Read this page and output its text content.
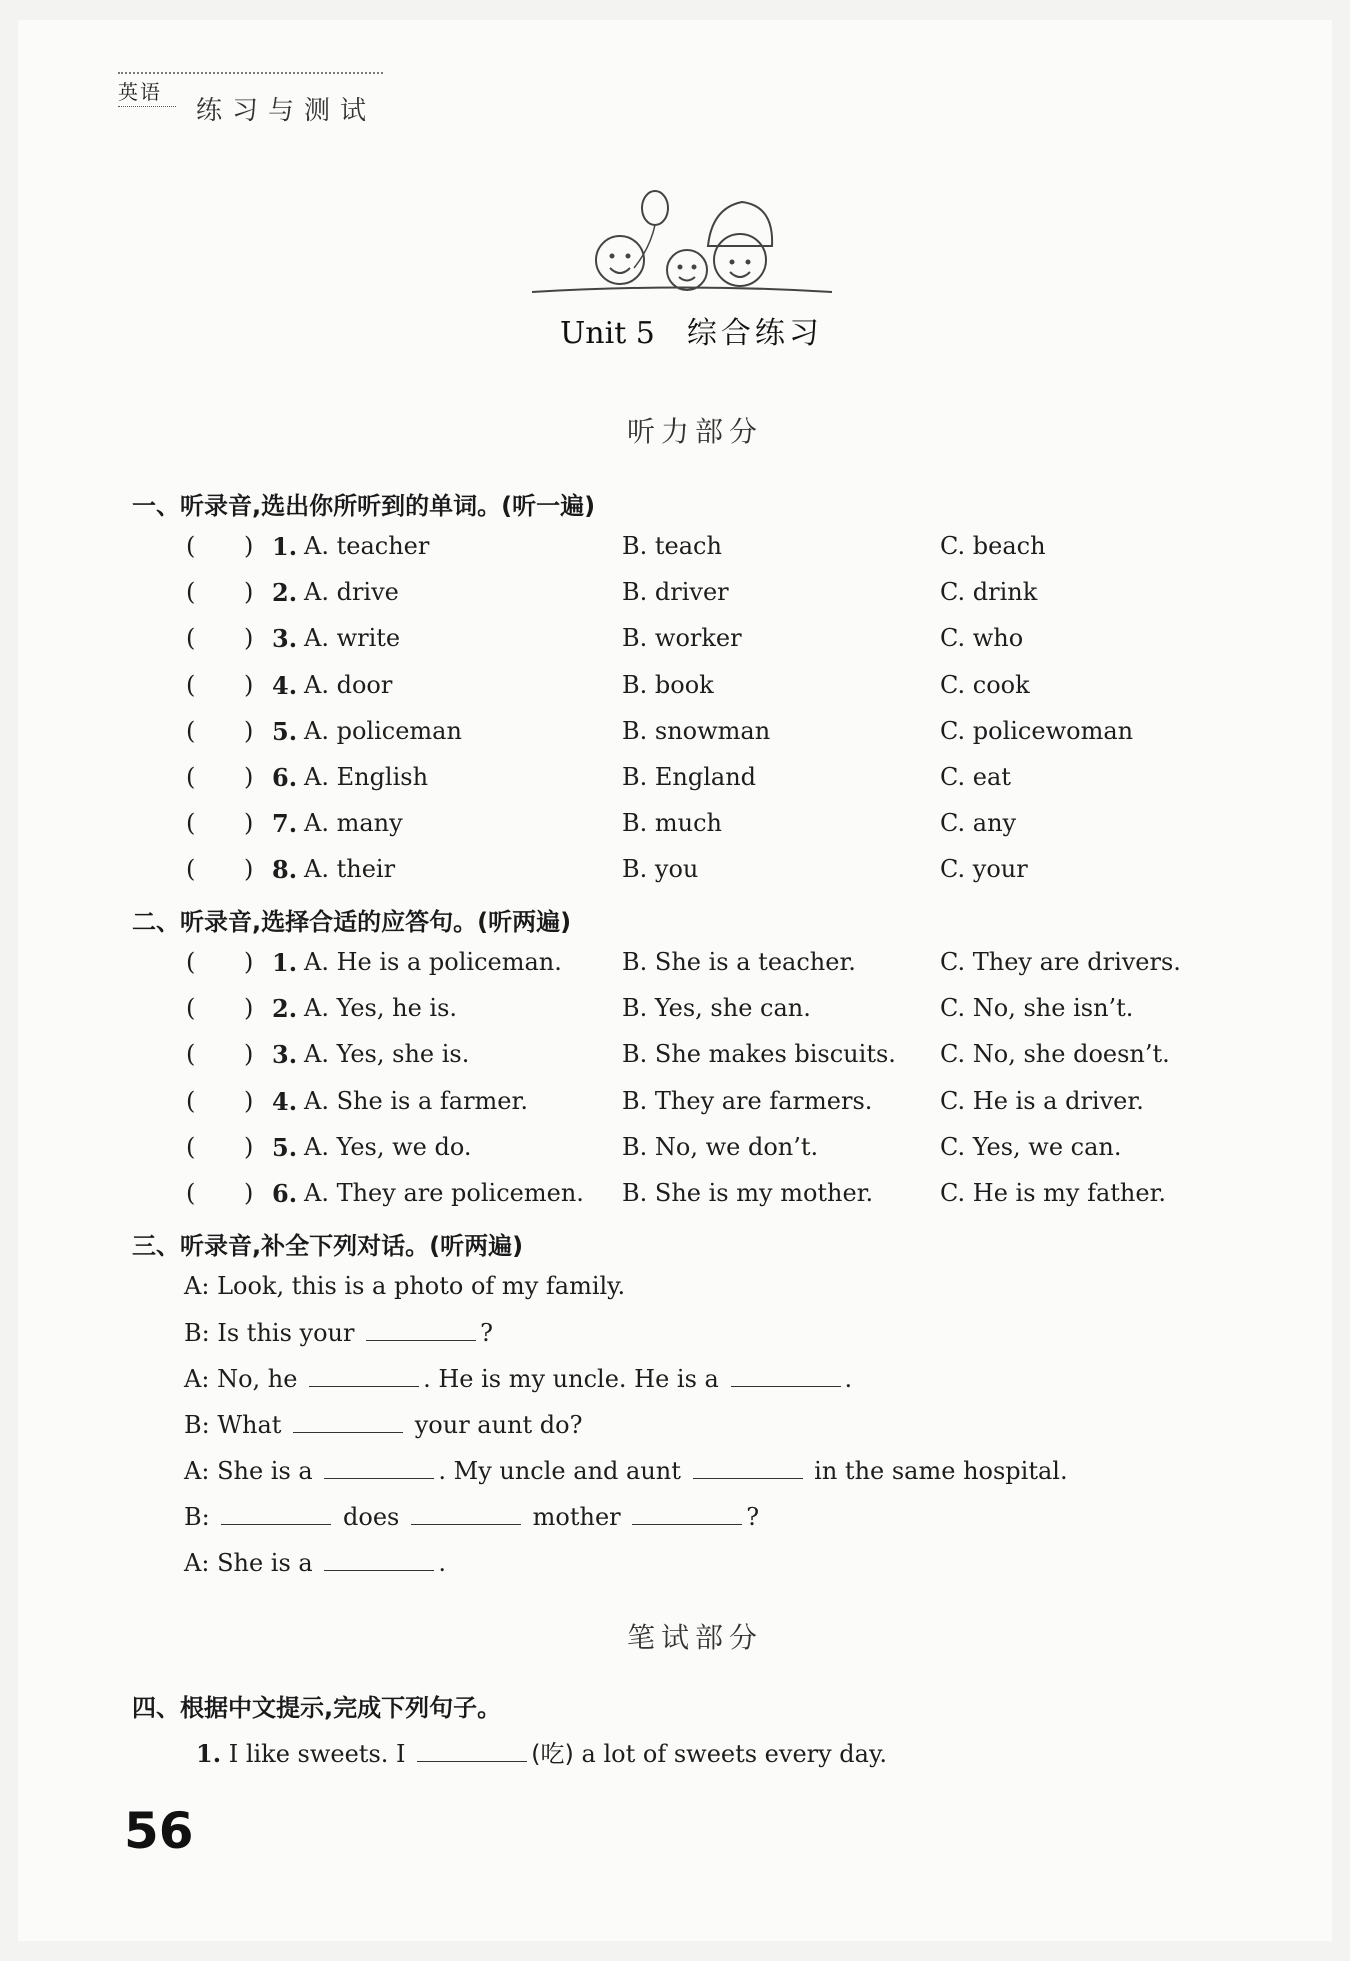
英语
练习与测试
Unit 5 综合练习
听力部分
一、听录音,选出你所听到的单词。(听一遍)
( ) 1. A. teacher	B. teach	C. beach
( ) 2. A. drive	B. driver	C. drink
( ) 3. A. write	B. worker	C. who
( ) 4. A. door	B. book	C. cook
( ) 5. A. policeman	B. snowman	C. policewoman
( ) 6. A. English	B. England	C. eat
( ) 7. A. many	B. much	C. any
( ) 8. A. their	B. you	C. your
二、听录音,选择合适的应答句。(听两遍)
( ) 1. A. He is a policeman.	B. She is a teacher.	C. They are drivers.
( ) 2. A. Yes, he is.	B. Yes, she can.	C. No, she isn’t.
( ) 3. A. Yes, she is.	B. She makes biscuits. C. No, she doesn’t.
( ) 4. A. She is a farmer.	B. They are farmers.	C. He is a driver.
( ) 5. A. Yes, we do.	B. No, we don’t.	C. Yes, we can.
( ) 6. A. They are policemen. B. She is my mother.	C. He is my father.
三、听录音,补全下列对话。(听两遍)
A: Look, this is a photo of my family.
B: Is this your	?
A: No, he	. He is my uncle. He is a	.
B: What	your aunt do?
A: She is a	. My uncle and aunt	in the same hospital.
B:	does	mother	?
A: She is a	.
笔试部分
四、根据中文提示,完成下列句子。
1. I like sweets. I	(吃) a lot of sweets every day.
56
